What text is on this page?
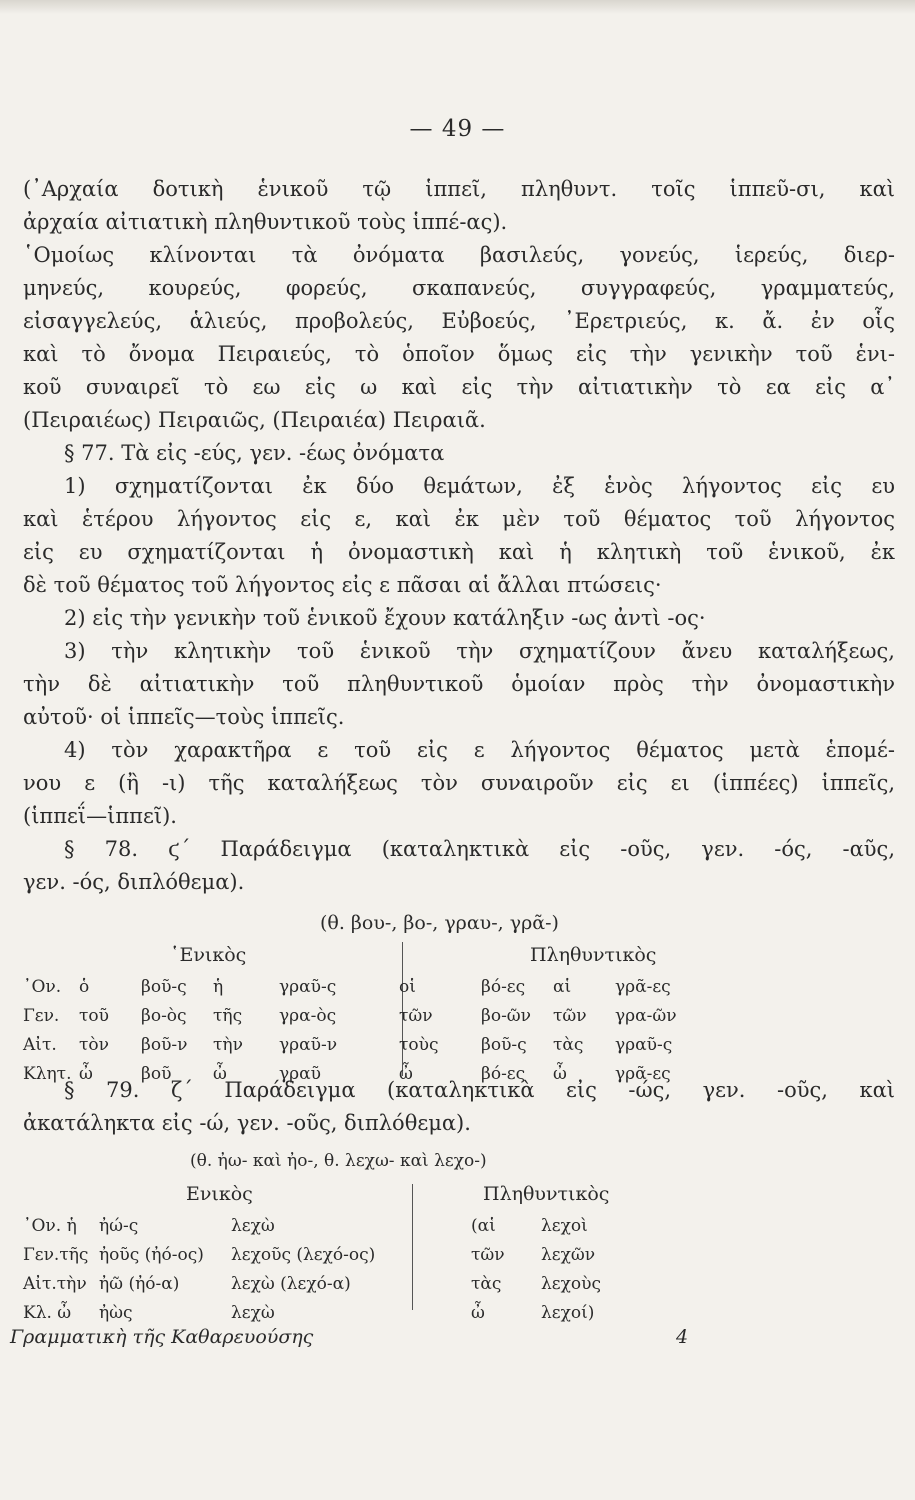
— 49 —
(᾿Αρχαία δοτικὴ ἑνικοῦ τῷ ἱππεῖ, πληθυντ. τοῖς ἱππεῦ-σι, καὶ
ἀρχαία αἰτιατικὴ πληθυντικοῦ τοὺς ἱππέ-ας).
῾Ομοίως κλίνονται τὰ ὀνόματα βασιλεύς, γονεύς, ἱερεύς, διερ-
μηνεύς, κουρεύς, φορεύς, σκαπανεύς, συγγραφεύς, γραμματεύς,
εἰσαγγελεύς, ἁλιεύς, προβολεύς, Εὐβοεύς, ᾿Ερετριεύς, κ. ἄ. ἐν οἷς
καὶ τὸ ὄνομα Πειραιεύς, τὸ ὁποῖον ὅμως εἰς τὴν γενικὴν τοῦ ἑνι-
κοῦ συναιρεῖ τὸ εω εἰς ω καὶ εἰς τὴν αἰτιατικὴν τὸ εα εἰς α᾿
(Πειραιέως) Πειραιῶς, (Πειραιέα) Πειραιᾶ.
§ 77. Τὰ εἰς -εύς, γεν. -έως ὀνόματα
1) σχηματίζονται ἐκ δύο θεμάτων, ἐξ ἑνὸς λήγοντος εἰς ευ
καὶ ἑτέρου λήγοντος εἰς ε, καὶ ἐκ μὲν τοῦ θέματος τοῦ λήγοντος
εἰς ευ σχηματίζονται ἡ ὀνομαστικὴ καὶ ἡ κλητικὴ τοῦ ἑνικοῦ, ἐκ
δὲ τοῦ θέματος τοῦ λήγοντος εἰς ε πᾶσαι αἱ ἄλλαι πτώσεις·
2) εἰς τὴν γενικὴν τοῦ ἑνικοῦ ἔχουν κατάληξιν -ως ἀντὶ -ος·
3) τὴν κλητικὴν τοῦ ἑνικοῦ τὴν σχηματίζουν ἄνευ καταλήξεως,
τὴν δὲ αἰτιατικὴν τοῦ πληθυντικοῦ ὁμοίαν πρὸς τὴν ὀνομαστικὴν
αὐτοῦ· οἱ ἱππεῖς—τοὺς ἱππεῖς.
4) τὸν χαρακτῆρα ε τοῦ εἰς ε λήγοντος θέματος μετὰ ἑπομέ-
νου ε (ἢ -ι) τῆς καταλήξεως τὸν συναιροῦν εἰς ει (ἱππέες) ἱππεῖς,
(ἱππεΐ—ἱππεῖ).
§ 78. ϛ΄ Παράδειγμα (καταληκτικὰ εἰς -οῦς, γεν. -ός, -αῦς,
γεν. -ός, διπλόθεμα).
(θ. βου-, βο-, γραυ-, γρᾶ-)
῾Ενικὸς	Πληθυντικὸς
᾿Ον.	ὁ	βοῦ-ς	ἡ	γραῦ-ς	οἱ	βό-ες	αἱ	γρᾶ-ες
Γεν.	τοῦ	βο-ὸς	τῆς	γρα-ὸς	τῶν	βο-ῶν	τῶν	γρα-ῶν
Αἰτ.	τὸν	βοῦ-ν	τὴν	γραῦ-ν	τοὺς	βοῦ-ς	τὰς	γραῦ-ς
Κλητ.	ὦ	βοῦ	ὦ	γραῦ	ὦ	βό-ες	ὦ	γρᾶ-ες
§ 79. ζ΄ Παράδειγμα (καταληκτικὰ εἰς -ώς, γεν. -οῦς, καὶ
ἀκατάληκτα εἰς -ώ, γεν. -οῦς, διπλόθεμα).
(θ. ἠω- καὶ ἠο-, θ. λεχω- καὶ λεχο-)
Ενικὸς	Πληθυντικὸς
᾿Ον. ἡ	ἠώ-ς	λεχὼ	(αἱ	λεχοὶ
Γεν.τῆς	ἠοῦς (ἠό-ος)	λεχοῦς (λεχό-ος)	τῶν	λεχῶν
Αἰτ.τὴν	ἠῶ (ἠό-α)	λεχὼ (λεχό-α)	τὰς	λεχοὺς
Κλ. ὦ	ἠὼς	λεχὼ	ὦ	λεχοί)
Γραμματικὴ τῆς Καθαρευούσης	4
